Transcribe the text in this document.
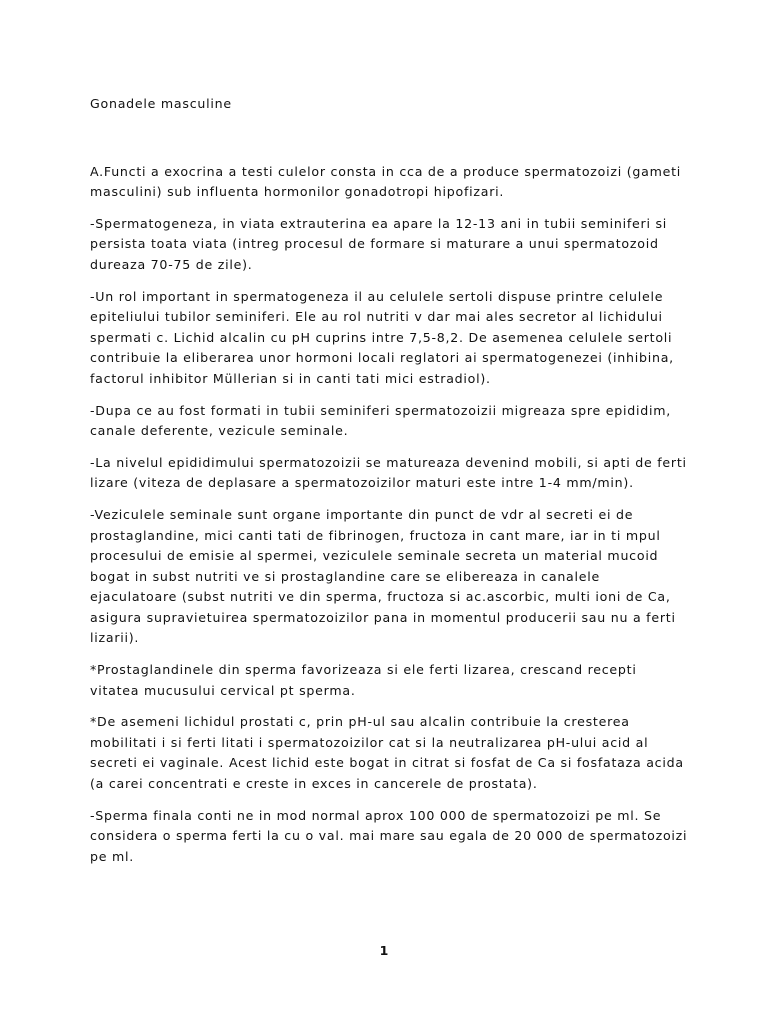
Gonadele masculine

A.Functi a exocrina a testi culelor consta in cca de a produce spermatozoizi (gameti masculini) sub influenta hormonilor gonadotropi hipofizari.

-Spermatogeneza, in viata extrauterina ea apare la 12-13 ani in tubii seminiferi si persista toata viata (intreg procesul de formare si maturare a unui spermatozoid dureaza 70-75 de zile).

-Un rol important in spermatogeneza il au celulele sertoli dispuse printre celulele epiteliului tubilor seminiferi. Ele au rol nutriti v dar mai ales secretor al lichidului spermati c. Lichid alcalin cu pH cuprins intre 7,5-8,2. De asemenea celulele sertoli contribuie la eliberarea unor hormoni locali reglatori ai spermatogenezei (inhibina, factorul inhibitor Müllerian si in canti tati mici estradiol).

-Dupa ce au fost formati in tubii seminiferi spermatozoizii migreaza spre epididim, canale deferente, vezicule seminale.

-La nivelul epididimului spermatozoizii se matureaza devenind mobili, si apti de ferti lizare (viteza de deplasare a spermatozoizilor maturi este intre 1-4 mm/min).

-Veziculele seminale sunt organe importante din punct de vdr al secreti ei de prostaglandine, mici canti tati de fibrinogen, fructoza in cant mare, iar in ti mpul procesului de emisie al spermei, veziculele seminale secreta un material mucoid bogat in subst nutriti ve si prostaglandine care se elibereaza in canalele ejaculatoare (subst nutriti ve din sperma, fructoza si ac.ascorbic, multi ioni de Ca, asigura supravietuirea spermatozoizilor pana in momentul producerii sau nu a ferti lizarii).

*Prostaglandinele din sperma favorizeaza si ele ferti lizarea, crescand recepti vitatea mucusului cervical pt sperma.

*De asemeni lichidul prostati c, prin pH-ul sau alcalin contribuie la cresterea mobilitati i si ferti litati i spermatozoizilor cat si la neutralizarea pH-ului acid al secreti ei vaginale. Acest lichid este bogat in citrat si fosfat de Ca si fosfataza acida (a carei concentrati e creste in exces in cancerele de prostata).

-Sperma finala conti ne in mod normal aprox 100 000 de spermatozoizi pe ml. Se considera o sperma ferti la cu o val. mai mare sau egala de 20 000 de spermatozoizi pe ml.

1
